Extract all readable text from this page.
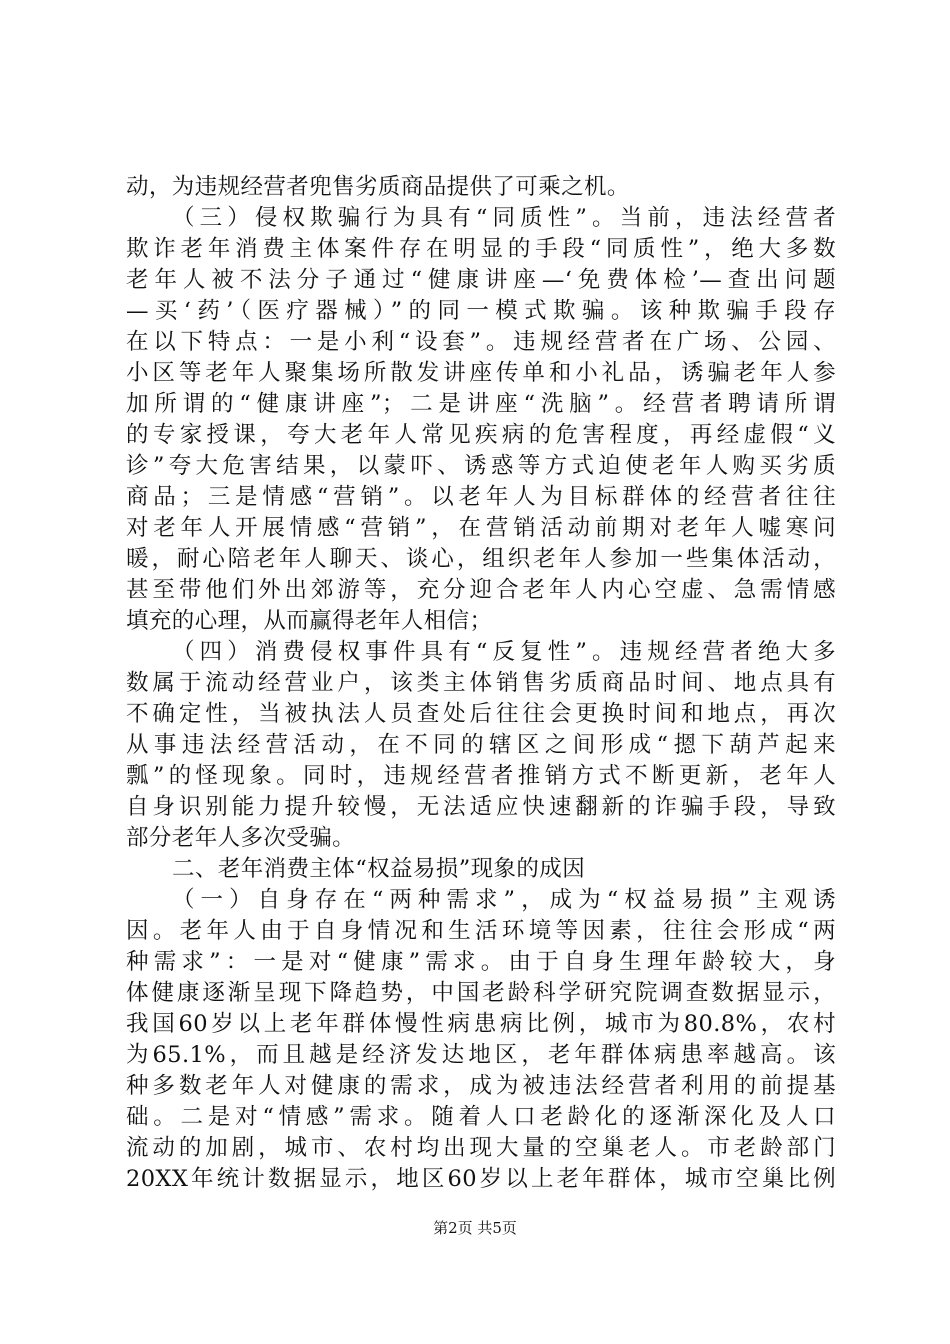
动，为违规经营者兜售劣质商品提供了可乘之机。
（三）侵权欺骗行为具有“同质性”。当前，违法经营者
欺诈老年消费主体案件存在明显的手段“同质性”，绝大多数
老年人被不法分子通过“健康讲座—‘免费体检’—查出问题
—买‘药’（医疗器械）”的同一模式欺骗。该种欺骗手段存
在以下特点：一是小利“设套”。违规经营者在广场、公园、
小区等老年人聚集场所散发讲座传单和小礼品，诱骗老年人参
加所谓的“健康讲座”；二是讲座“洗脑”。经营者聘请所谓
的专家授课，夸大老年人常见疾病的危害程度，再经虚假“义
诊”夸大危害结果，以蒙吓、诱惑等方式迫使老年人购买劣质
商品；三是情感“营销”。以老年人为目标群体的经营者往往
对老年人开展情感“营销”，在营销活动前期对老年人嘘寒问
暖，耐心陪老年人聊天、谈心，组织老年人参加一些集体活动，
甚至带他们外出郊游等，充分迎合老年人内心空虚、急需情感
填充的心理，从而赢得老年人相信；
（四）消费侵权事件具有“反复性”。违规经营者绝大多
数属于流动经营业户，该类主体销售劣质商品时间、地点具有
不确定性，当被执法人员查处后往往会更换时间和地点，再次
从事违法经营活动，在不同的辖区之间形成“摁下葫芦起来
瓢”的怪现象。同时，违规经营者推销方式不断更新，老年人
自身识别能力提升较慢，无法适应快速翻新的诈骗手段，导致
部分老年人多次受骗。
二、老年消费主体“权益易损”现象的成因
（一）自身存在“两种需求”，成为“权益易损”主观诱
因。老年人由于自身情况和生活环境等因素，往往会形成“两
种需求”：一是对“健康”需求。由于自身生理年龄较大，身
体健康逐渐呈现下降趋势，中国老龄科学研究院调查数据显示，
我国60岁以上老年群体慢性病患病比例，城市为80.8%，农村
为65.1%，而且越是经济发达地区，老年群体病患率越高。该
种多数老年人对健康的需求，成为被违法经营者利用的前提基
础。二是对“情感”需求。随着人口老龄化的逐渐深化及人口
流动的加剧，城市、农村均出现大量的空巢老人。市老龄部门
20XX年统计数据显示，地区60岁以上老年群体，城市空巢比例
第2页 共5页
